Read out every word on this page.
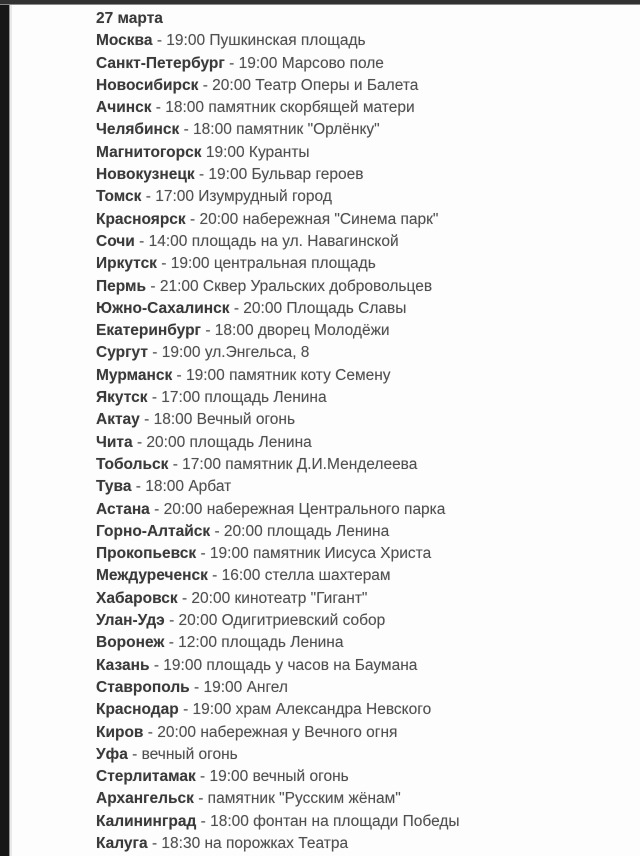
27 марта
Москва - 19:00 Пушкинская площадь
Санкт-Петербург - 19:00 Марсово поле
Новосибирск - 20:00 Театр Оперы и Балета
Ачинск - 18:00 памятник скорбящей матери
Челябинск - 18:00 памятник "Орлёнку"
Магнитогорск 19:00 Куранты
Новокузнецк - 19:00 Бульвар героев
Томск - 17:00 Изумрудный город
Красноярск - 20:00 набережная "Синема парк"
Сочи - 14:00 площадь на ул. Навагинской
Иркутск - 19:00 центральная площадь
Пермь - 21:00 Сквер Уральских добровольцев
Южно-Сахалинск - 20:00 Площадь Славы
Екатеринбург - 18:00 дворец Молодёжи
Сургут - 19:00 ул.Энгельса, 8
Мурманск - 19:00 памятник коту Семену
Якутск - 17:00 площадь Ленина
Актау - 18:00 Вечный огонь
Чита - 20:00 площадь Ленина
Тобольск - 17:00 памятник Д.И.Менделеева
Тува - 18:00 Арбат
Астана - 20:00 набережная Центрального парка
Горно-Алтайск - 20:00 площадь Ленина
Прокопьевск - 19:00 памятник Иисуса Христа
Междуреченск - 16:00 стелла шахтерам
Хабаровск - 20:00 кинотеатр "Гигант"
Улан-Удэ - 20:00 Одигитриевский собор
Воронеж - 12:00 площадь Ленина
Казань - 19:00 площадь у часов на Баумана
Ставрополь - 19:00 Ангел
Краснодар - 19:00 храм Александра Невского
Киров - 20:00 набережная у Вечного огня
Уфа - вечный огонь
Стерлитамак - 19:00 вечный огонь
Архангельск - памятник "Русским жёнам"
Калининград - 18:00 фонтан на площади Победы
Калуга - 18:30 на порожках Театра
